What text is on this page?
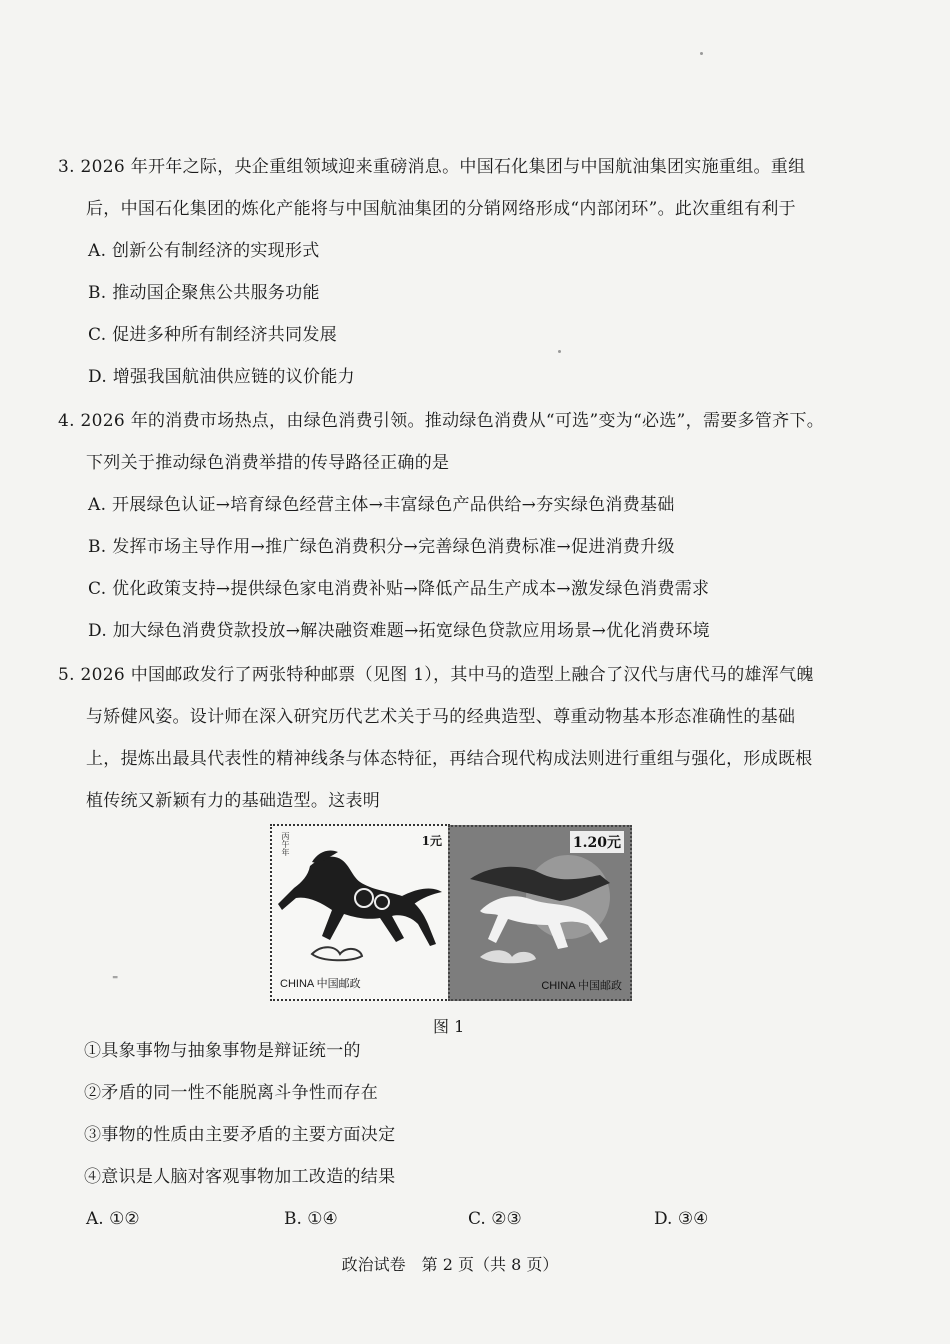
3. 2026 年开年之际，央企重组领域迎来重磅消息。中国石化集团与中国航油集团实施重组。重组
后，中国石化集团的炼化产能将与中国航油集团的分销网络形成“内部闭环”。此次重组有利于
A. 创新公有制经济的实现形式
B. 推动国企聚焦公共服务功能
C. 促进多种所有制经济共同发展
D. 增强我国航油供应链的议价能力
4. 2026 年的消费市场热点，由绿色消费引领。推动绿色消费从“可选”变为“必选”，需要多管齐下。
下列关于推动绿色消费举措的传导路径正确的是
A. 开展绿色认证→培育绿色经营主体→丰富绿色产品供给→夯实绿色消费基础
B. 发挥市场主导作用→推广绿色消费积分→完善绿色消费标准→促进消费升级
C. 优化政策支持→提供绿色家电消费补贴→降低产品生产成本→激发绿色消费需求
D. 加大绿色消费贷款投放→解决融资难题→拓宽绿色贷款应用场景→优化消费环境
5. 2026 中国邮政发行了两张特种邮票（见图 1），其中马的造型上融合了汉代与唐代马的雄浑气魄
与矫健风姿。设计师在深入研究历代艺术关于马的经典造型、尊重动物基本形态准确性的基础
上，提炼出最具代表性的精神线条与体态特征，再结合现代构成法则进行重组与强化，形成既根
植传统又新颖有力的基础造型。这表明
丙午年	1元
CHINA 中国邮政
1.20元
CHINA 中国邮政
⁼
图 1
①具象事物与抽象事物是辩证统一的
②矛盾的同一性不能脱离斗争性而存在
③事物的性质由主要矛盾的主要方面决定
④意识是人脑对客观事物加工改造的结果
A. ①②	B. ①④	C. ②③	D. ③④
政治试卷　第 2 页（共 8 页）
